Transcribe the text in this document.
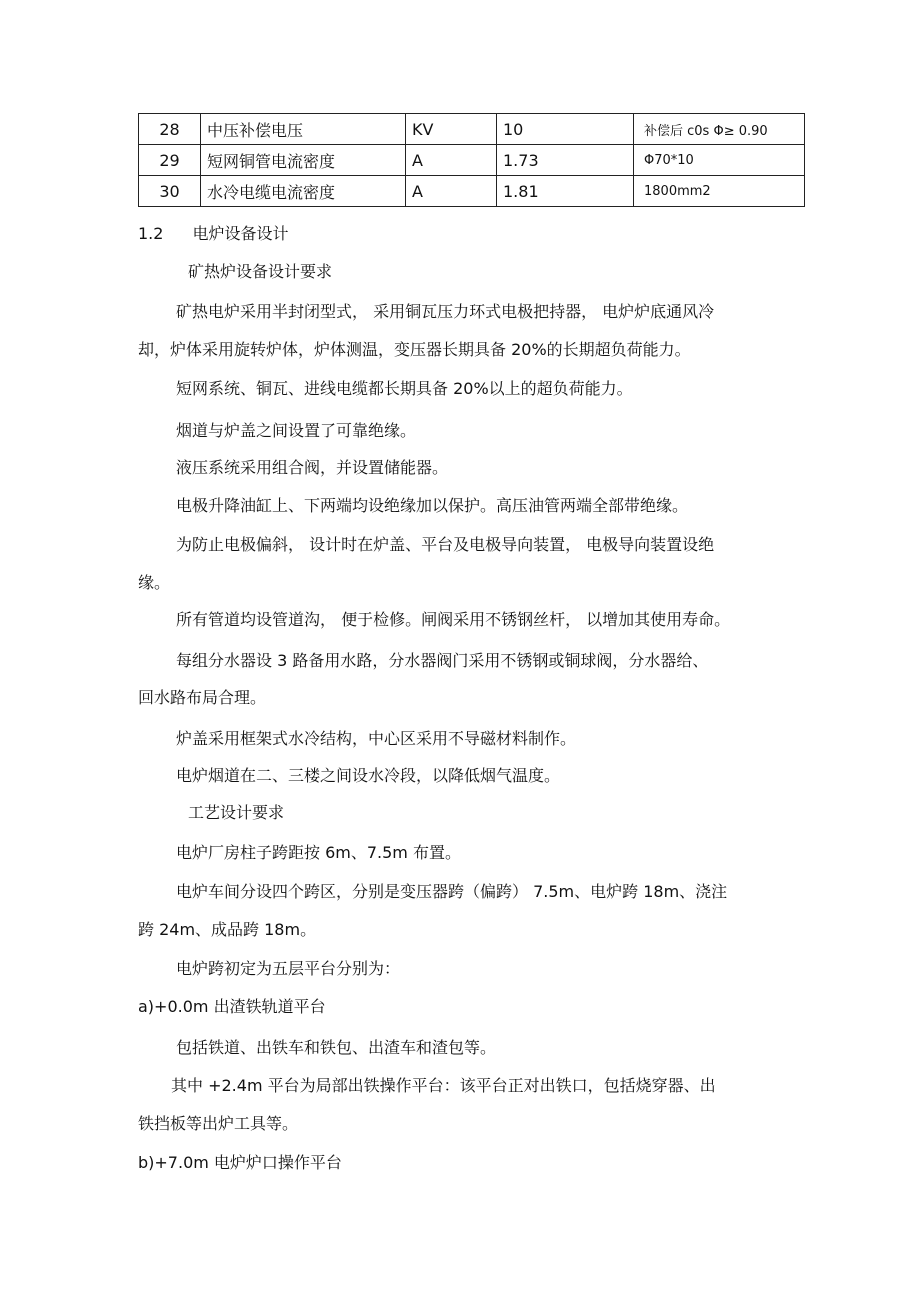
28	中压补偿电压	KV	10	补偿后 c0s Φ≥ 0.90
29	短网铜管电流密度	A	1.73	Φ70*10
30	水冷电缆电流密度	A	1.81	1800mm2
1.2 电炉设备设计
矿热炉设备设计要求
矿热电炉采用半封闭型式， 采用铜瓦压力环式电极把持器， 电炉炉底通风冷
却，炉体采用旋转炉体，炉体测温，变压器长期具备 20%的长期超负荷能力。
短网系统、铜瓦、进线电缆都长期具备 20%以上的超负荷能力。
烟道与炉盖之间设置了可靠绝缘。
液压系统采用组合阀，并设置储能器。
电极升降油缸上、下两端均设绝缘加以保护。高压油管两端全部带绝缘。
为防止电极偏斜， 设计时在炉盖、平台及电极导向装置， 电极导向装置设绝
缘。
所有管道均设管道沟， 便于检修。闸阀采用不锈钢丝杆， 以增加其使用寿命。
每组分水器设 3 路备用水路，分水器阀门采用不锈钢或铜球阀，分水器给、
回水路布局合理。
炉盖采用框架式水冷结构，中心区采用不导磁材料制作。
电炉烟道在二、三楼之间设水冷段，以降低烟气温度。
工艺设计要求
电炉厂房柱子跨距按 6m、7.5m 布置。
电炉车间分设四个跨区，分别是变压器跨（偏跨） 7.5m、电炉跨 18m、浇注
跨 24m、成品跨 18m。
电炉跨初定为五层平台分别为：
a)+0.0m 出渣铁轨道平台
包括铁道、出铁车和铁包、出渣车和渣包等。
其中 +2.4m 平台为局部出铁操作平台：该平台正对出铁口，包括烧穿器、出
铁挡板等出炉工具等。
b)+7.0m 电炉炉口操作平台
